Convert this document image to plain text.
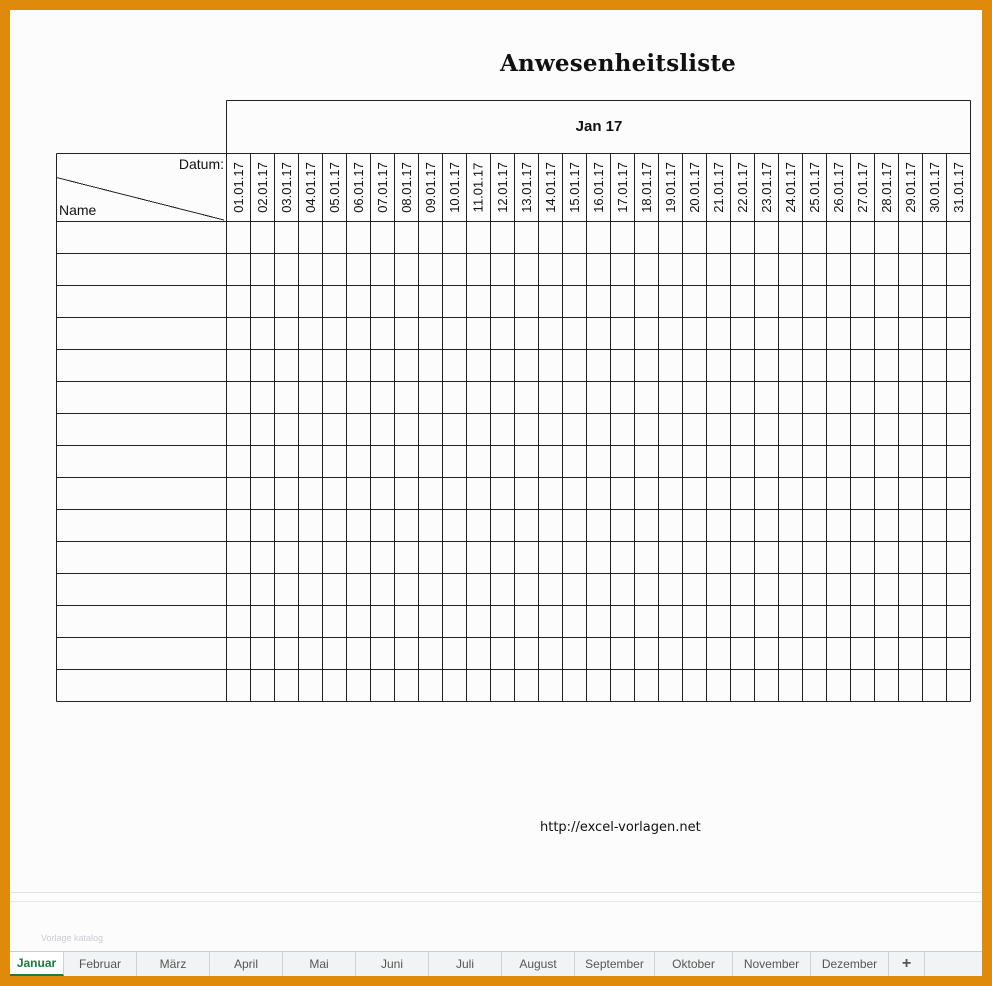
Anwesenheitsliste
Jan 17
Datum:
Name	01.01.17 02.01.17 03.01.17 04.01.17 05.01.17 06.01.17 07.01.17 08.01.17 09.01.17 10.01.17 11.01.17 12.01.17 13.01.17 14.01.17 15.01.17 16.01.17 17.01.17 18.01.17 19.01.17 20.01.17 21.01.17 22.01.17 23.01.17 24.01.17 25.01.17 26.01.17 27.01.17 28.01.17 29.01.17 30.01.17 31.01.17
http://excel-vorlagen.net
Vorlage katalog
Januar	Februar	März	April	Mai	Juni	Juli	August	September	Oktober	November	Dezember	+
